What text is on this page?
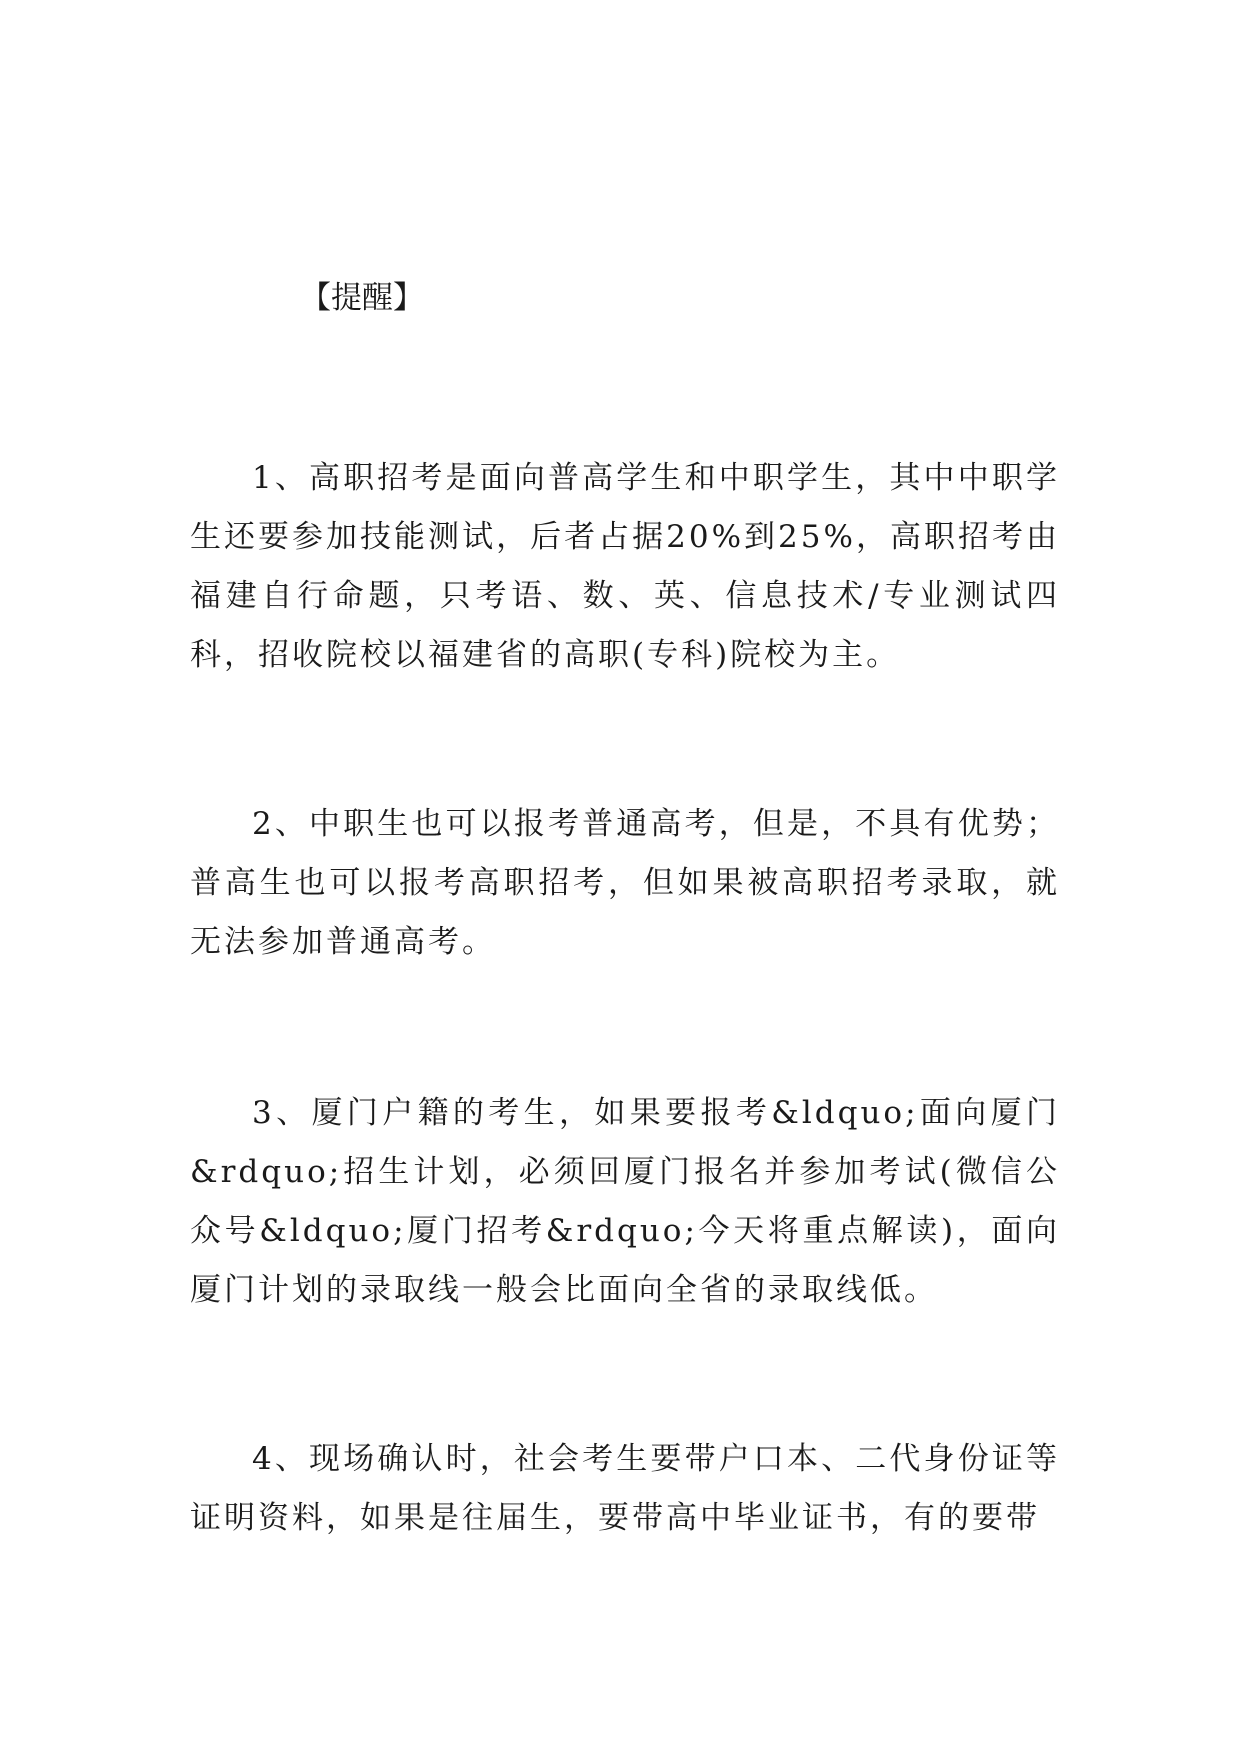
【提醒】

1、高职招考是面向普高学生和中职学生，其中中职学生还要参加技能测试，后者占据20%到25%，高职招考由福建自行命题，只考语、数、英、信息技术/专业测试四科，招收院校以福建省的高职(专科)院校为主。

2、中职生也可以报考普通高考，但是，不具有优势；普高生也可以报考高职招考，但如果被高职招考录取，就无法参加普通高考。

3、厦门户籍的考生，如果要报考&ldquo;面向厦门&rdquo;招生计划，必须回厦门报名并参加考试(微信公众号&ldquo;厦门招考&rdquo;今天将重点解读)，面向厦门计划的录取线一般会比面向全省的录取线低。

4、现场确认时，社会考生要带户口本、二代身份证等证明资料，如果是往届生，要带高中毕业证书，有的要带
